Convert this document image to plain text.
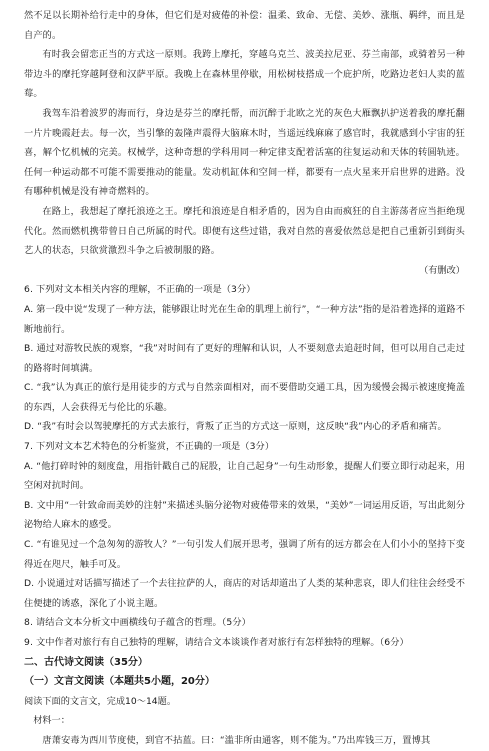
然不足以长期补给行走中的身体，但它们是对疲倦的补偿：温柔、致命、无偿、美妙、涨瓶、羁绊，而且是自产的。

有时我会留恋正当的方式这一原则。我跨上摩托，穿越乌克兰、波美拉尼亚、芬兰南部，或骑着另一种带边斗的摩托穿越阿登和汉萨平原。我晚上在森林里停歇，用松树枝搭成一个庇护所，吃路边老妇人卖的蓝莓。

我驾车沿着波罗的海而行，身边是芬兰的摩托帮，而沉醉于北欧之光的灰色大雁飘扒护送着我的摩托翻一片片晚霞赶去。每一次，当引擎的轰隆声震得大脑麻木时，当遥远线麻麻了感官时，我就感到小宇宙的狂喜，解个忆机械的完美。权械学，这种奇想的学科用同一种定律支配着活塞的往复运动和天体的转圆轨迹。任何一种运动都不可能不需要推动的能量。发动机缸体和空间一样，都要有一点火星来开启世界的进路。没有哪种机械是没有神奇燃料的。

在路上，我想起了摩托浪迹之王。摩托和浪迹是自相矛盾的，因为自由而疯狂的自主游荡者应当拒绝现代化。然而燃机携带曾日自己所属的时代。即便有这些过错，我对自然的喜爱依然总是把自己重新引到街头艺人的状态，只欲赏激烈斗争之后被制服的路。

（有删改）

6. 下列对文本相关内容的理解，不正确的一项是（3分）

A. 第一段中说“发现了一种方法，能够跟让时光在生命的肌理上前行”，“一种方法”指的是沿着选择的道路不断地前行。

B. 通过对游牧民族的观察，“我”对时间有了更好的理解和认识，人不要刻意去追赶时间，但可以用自己走过的路将时间填满。

C. “我”认为真正的旅行是用徒步的方式与自然亲面相对，而不要借助交通工具，因为缓慢会揭示被速度掩盖的东西，人会获得无与伦比的乐趣。

D. “我”有时会以驾驶摩托的方式去旅行，背叛了正当的方式这一原则，这反映“我”内心的矛盾和痛苦。

7. 下列对文本艺术特色的分析鉴赏，不正确的一项是（3分）

A. “他打碎时钟的刻度盘，用指针戳自己的屁股，让自己起身”一句生动形象，提醒人们要立即行动起来，用空闲对抗时间。

B. 文中用“一针致命而美妙的注射”来描述头脑分泌物对疲倦带来的效果，“美妙”一词运用反语，写出此刻分泌物给人麻木的感受。

C. “有谁见过一个急匆匆的游牧人？”一句引发人们展开思考，强调了所有的远方都会在人们小小的坚持下变得近在咫尺，触手可及。

D. 小说通过对话描写描述了一个去往拉萨的人，商店的对话却道出了人类的某种悲哀，即人们往往会经受不住便捷的诱惑，深化了小说主题。

8. 请结合文本分析文中画横线句子蕴含的哲理。（5分）

9. 文中作者对旅行有自己独特的理解，请结合文本谈谈作者对旅行有怎样独特的理解。（6分）

二、古代诗文阅读（35分）

（一）文言文阅读（本题共5小题，20分）

阅读下面的文言文，完成10～14题。

材料一：

唐萧安毒为西川节度使，到官不拈蓝。曰：“滥非所由通客，则不能为。”乃出库钱三万，置博其
